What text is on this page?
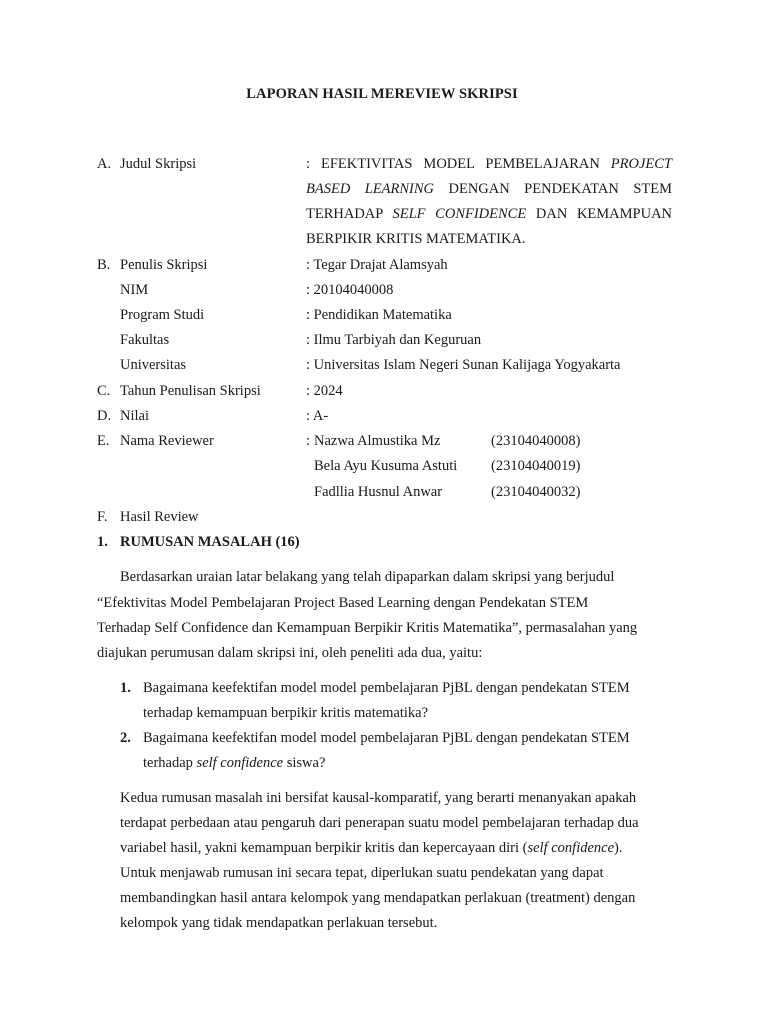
LAPORAN HASIL MEREVIEW SKRIPSI
A. Judul Skripsi	: EFEKTIVITAS MODEL PEMBELAJARAN PROJECT
BASED LEARNING DENGAN PENDEKATAN STEM
TERHADAP SELF CONFIDENCE DAN KEMAMPUAN
BERPIKIR KRITIS MATEMATIKA.
B. Penulis Skripsi	: Tegar Drajat Alamsyah
NIM	: 20104040008
Program Studi	: Pendidikan Matematika
Fakultas	: Ilmu Tarbiyah dan Keguruan
Universitas	: Universitas Islam Negeri Sunan Kalijaga Yogyakarta
C. Tahun Penulisan Skripsi	: 2024
D. Nilai	: A-
E. Nama Reviewer	: Nazwa Almustika Mz	(23104040008)
Bela Ayu Kusuma Astuti (23104040019)
Fadllia Husnul Anwar	(23104040032)
F. Hasil Review
1. RUMUSAN MASALAH (16)
Berdasarkan uraian latar belakang yang telah dipaparkan dalam skripsi yang berjudul
“Efektivitas Model Pembelajaran Project Based Learning dengan Pendekatan STEM
Terhadap Self Confidence dan Kemampuan Berpikir Kritis Matematika”, permasalahan yang
diajukan perumusan dalam skripsi ini, oleh peneliti ada dua, yaitu:
1. Bagaimana keefektifan model model pembelajaran PjBL dengan pendekatan STEM
terhadap kemampuan berpikir kritis matematika?
2. Bagaimana keefektifan model model pembelajaran PjBL dengan pendekatan STEM
terhadap self confidence siswa?
Kedua rumusan masalah ini bersifat kausal-komparatif, yang berarti menanyakan apakah
terdapat perbedaan atau pengaruh dari penerapan suatu model pembelajaran terhadap dua
variabel hasil, yakni kemampuan berpikir kritis dan kepercayaan diri (self confidence).
Untuk menjawab rumusan ini secara tepat, diperlukan suatu pendekatan yang dapat
membandingkan hasil antara kelompok yang mendapatkan perlakuan (treatment) dengan
kelompok yang tidak mendapatkan perlakuan tersebut.
